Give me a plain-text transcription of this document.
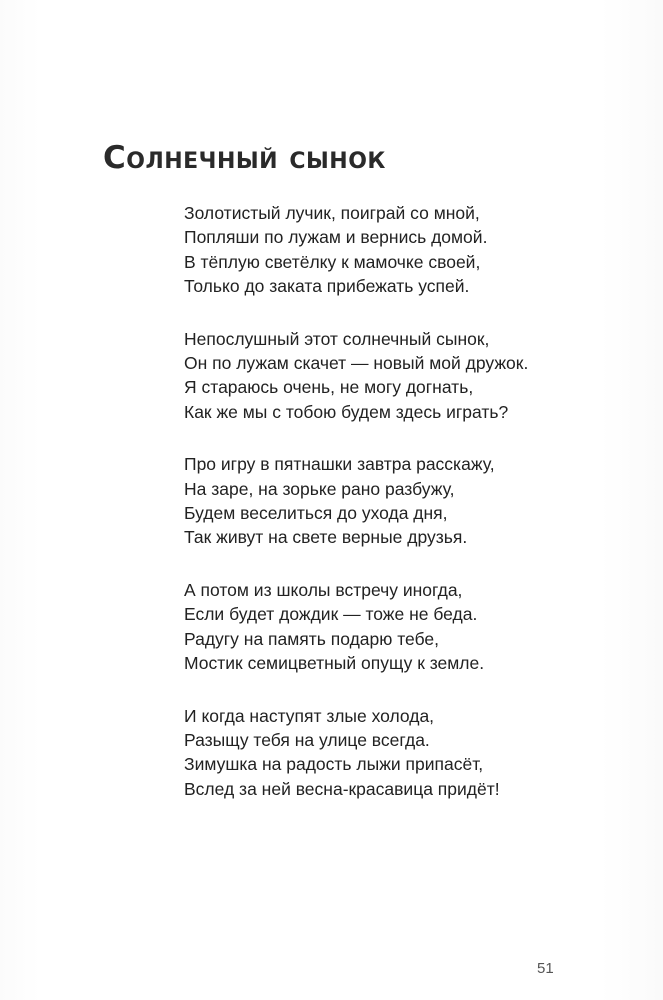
Солнечный сынок
Золотистый лучик, поиграй со мной,
Попляши по лужам и вернись домой.
В тёплую светёлку к мамочке своей,
Только до заката прибежать успей.
Непослушный этот солнечный сынок,
Он по лужам скачет — новый мой дружок.
Я стараюсь очень, не могу догнать,
Как же мы с тобою будем здесь играть?
Про игру в пятнашки завтра расскажу,
На заре, на зорьке рано разбужу,
Будем веселиться до ухода дня,
Так живут на свете верные друзья.
А потом из школы встречу иногда,
Если будет дождик — тоже не беда.
Радугу на память подарю тебе,
Мостик семицветный опущу к земле.
И когда наступят злые холода,
Разыщу тебя на улице всегда.
Зимушка на радость лыжи припасёт,
Вслед за ней весна-красавица придёт!
51
